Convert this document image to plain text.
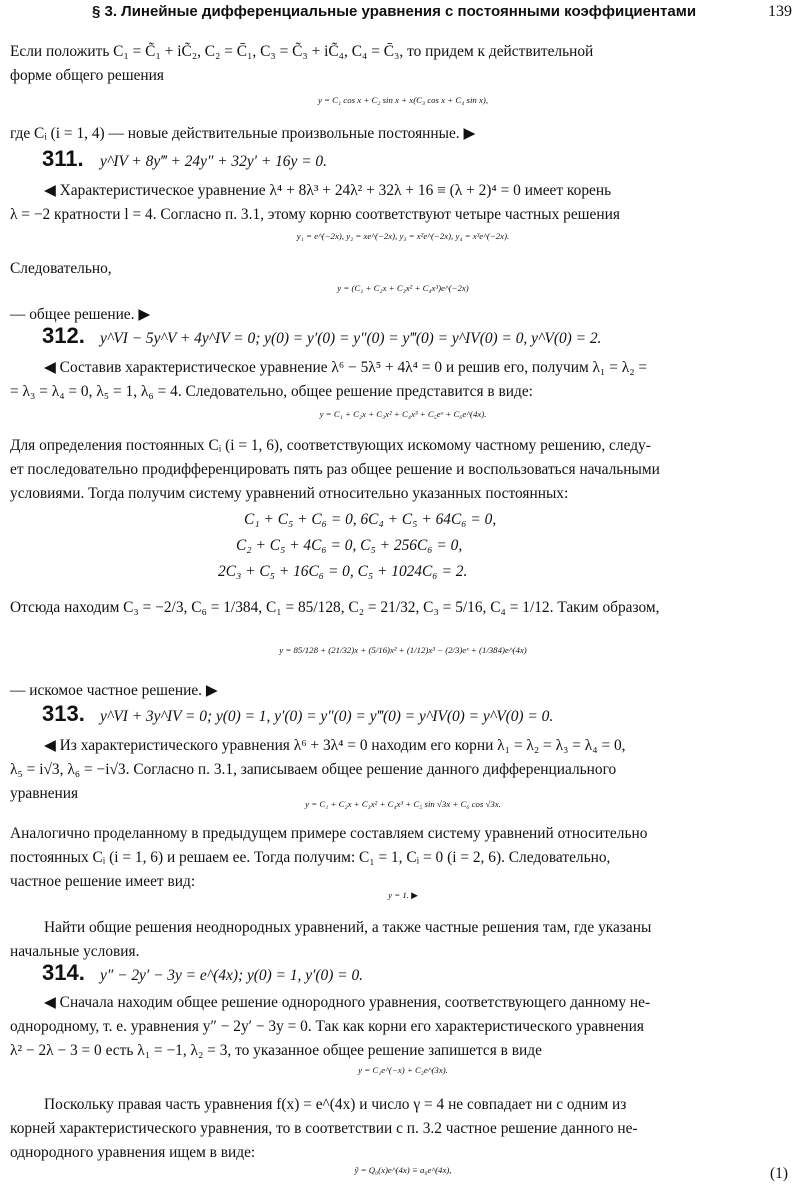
§ 3. Линейные дифференциальные уравнения с постоянными коэффициентами	139
Если положить C₁ = C̃₁ + iC̃₂, C₂ = C̄₁, C₃ = C̃₃ + iC̃₄, C₄ = C̄₃, то придем к действительной
форме общего решения
y = C₁ cos x + C₂ sin x + x(C₃ cos x + C₄ sin x),
где Cᵢ (i = 1, 4) — новые действительные произвольные постоянные. ▶
311. y^IV + 8y‴ + 24y″ + 32y′ + 16y = 0.
◀ Характеристическое уравнение λ⁴ + 8λ³ + 24λ² + 32λ + 16 ≡ (λ + 2)⁴ = 0 имеет корень
λ = −2 кратности l = 4. Согласно п. 3.1, этому корню соответствуют четыре частных решения
y₁ = e^(−2x), y₂ = xe^(−2x), y₃ = x²e^(−2x), y₄ = x³e^(−2x).
Следовательно,
y = (C₁ + C₂x + C₃x² + C₄x³)e^(−2x)
— общее решение. ▶
312. y^VI − 5y^V + 4y^IV = 0; y(0) = y′(0) = y″(0) = y‴(0) = y^IV(0) = 0, y^V(0) = 2.
◀ Составив характеристическое уравнение λ⁶ − 5λ⁵ + 4λ⁴ = 0 и решив его, получим λ₁ = λ₂ =
= λ₃ = λ₄ = 0, λ₅ = 1, λ₆ = 4. Следовательно, общее решение представится в виде:
y = C₁ + C₂x + C₃x² + C₄x³ + C₅eˣ + C₆e^(4x).
Для определения постоянных Cᵢ (i = 1, 6), соответствующих искомому частному решению, следу-
ет последовательно продифференцировать пять раз общее решение и воспользоваться начальными
условиями. Тогда получим систему уравнений относительно указанных постоянных:
C₁ + C₅ + C₆ = 0, 6C₄ + C₅ + 64C₆ = 0,
C₂ + C₅ + 4C₆ = 0, C₅ + 256C₆ = 0,
2C₃ + C₅ + 16C₆ = 0, C₅ + 1024C₆ = 2.
Отсюда находим C₃ = −2/3, C₆ = 1/384, C₁ = 85/128, C₂ = 21/32, C₃ = 5/16, C₄ = 1/12. Таким образом,
y = 85/128 + (21/32)x + (5/16)x² + (1/12)x³ − (2/3)eˣ + (1/384)e^(4x)
— искомое частное решение. ▶
313. y^VI + 3y^IV = 0; y(0) = 1, y′(0) = y″(0) = y‴(0) = y^IV(0) = y^V(0) = 0.
◀ Из характеристического уравнения λ⁶ + 3λ⁴ = 0 находим его корни λ₁ = λ₂ = λ₃ = λ₄ = 0,
λ₅ = i√3, λ₆ = −i√3. Согласно п. 3.1, записываем общее решение данного дифференциального
уравнения
y = C₁ + C₂x + C₃x² + C₄x³ + C₅ sin √3x + C₆ cos √3x.
Аналогично проделанному в предыдущем примере составляем систему уравнений относительно
постоянных Cᵢ (i = 1, 6) и решаем ее. Тогда получим: C₁ = 1, Cᵢ = 0 (i = 2, 6). Следовательно,
частное решение имеет вид:
y = 1. ▶
Найти общие решения неоднородных уравнений, а также частные решения там, где указаны
начальные условия.
314. y″ − 2y′ − 3y = e^(4x); y(0) = 1, y′(0) = 0.
◀ Сначала находим общее решение однородного уравнения, соответствующего данному не-
однородному, т. е. уравнения y″ − 2y′ − 3y = 0. Так как корни его характеристического уравнения
λ² − 2λ − 3 = 0 есть λ₁ = −1, λ₂ = 3, то указанное общее решение запишется в виде
y = C₁e^(−x) + C₂e^(3x).
Поскольку правая часть уравнения f(x) = e^(4x) и число γ = 4 не совпадает ни с одним из
корней характеристического уравнения, то в соответствии с п. 3.2 частное решение данного не-
однородного уравнения ищем в виде:
ỹ = Q₀(x)e^(4x) ≡ a₀e^(4x),	(1)
